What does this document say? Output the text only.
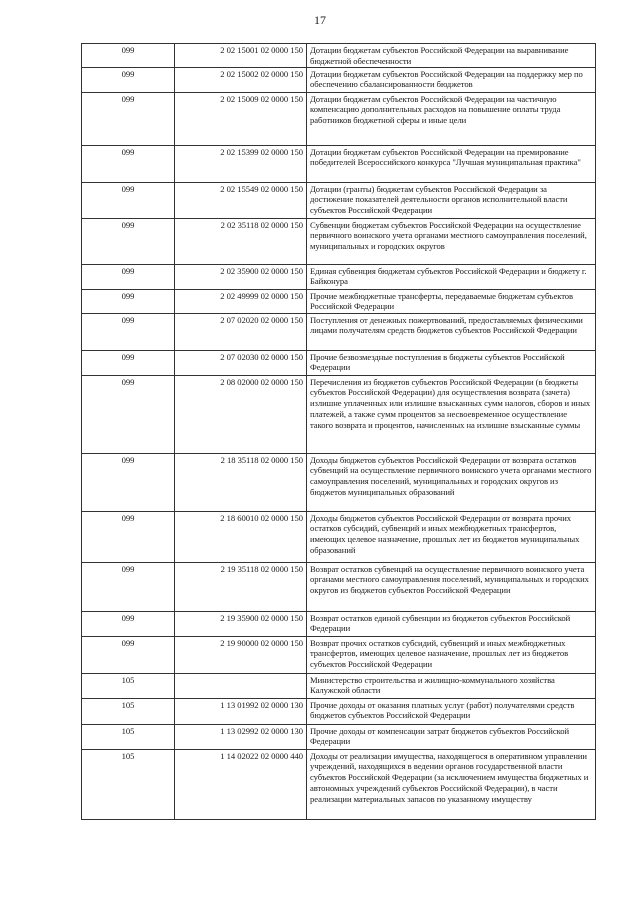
17
099	2 02 15001 02 0000 150	Дотации бюджетам субъектов Российской Федерации на выравнивание бюджетной обеспеченности
099	2 02 15002 02 0000 150	Дотации бюджетам субъектов Российской Федерации на поддержку мер по обеспечению сбалансированности бюджетов
099	2 02 15009 02 0000 150	Дотации бюджетам субъектов Российской Федерации на частичную компенсацию дополнительных расходов на повышение оплаты труда работников бюджетной сферы и иные цели
099	2 02 15399 02 0000 150	Дотации бюджетам субъектов Российской Федерации на премирование победителей Всероссийского конкурса "Лучшая муниципальная практика"
099	2 02 15549 02 0000 150	Дотации (гранты) бюджетам субъектов Российской Федерации за достижение показателей деятельности органов исполнительной власти субъектов Российской Федерации
099	2 02 35118 02 0000 150	Субвенции бюджетам субъектов Российской Федерации на осуществление первичного воинского учета органами местного самоуправления поселений, муниципальных и городских округов
099	2 02 35900 02 0000 150	Единая субвенция бюджетам субъектов Российской Федерации и бюджету г. Байконура
099	2 02 49999 02 0000 150	Прочие межбюджетные трансферты, передаваемые бюджетам субъектов Российской Федерации
099	2 07 02020 02 0000 150	Поступления от денежных пожертвований, предоставляемых физическими лицами получателям средств бюджетов субъектов Российской Федерации
099	2 07 02030 02 0000 150	Прочие безвозмездные поступления в бюджеты субъектов Российской Федерации
099	2 08 02000 02 0000 150	Перечисления из бюджетов субъектов Российской Федерации (в бюджеты субъектов Российской Федерации) для осуществления возврата (зачета) излишне уплаченных или излишне взысканных сумм налогов, сборов и иных платежей, а также сумм процентов за несвоевременное осуществление такого возврата и процентов, начисленных на излишне взысканные суммы
099	2 18 35118 02 0000 150	Доходы бюджетов субъектов Российской Федерации от возврата остатков субвенций на осуществление первичного воинского учета органами местного самоуправления поселений, муниципальных и городских округов из бюджетов муниципальных образований
099	2 18 60010 02 0000 150	Доходы бюджетов субъектов Российской Федерации от возврата прочих остатков субсидий, субвенций и иных межбюджетных трансфертов, имеющих целевое назначение, прошлых лет из бюджетов муниципальных образований
099	2 19 35118 02 0000 150	Возврат остатков субвенций на осуществление первичного воинского учета органами местного самоуправления поселений, муниципальных и городских округов из бюджетов субъектов Российской Федерации
099	2 19 35900 02 0000 150	Возврат остатков единой субвенции из бюджетов субъектов Российской Федерации
099	2 19 90000 02 0000 150	Возврат прочих остатков субсидий, субвенций и иных межбюджетных трансфертов, имеющих целевое назначение, прошлых лет из бюджетов субъектов Российской Федерации
105		Министерство строительства и жилищно-коммунального хозяйства Калужской области
105	1 13 01992 02 0000 130	Прочие доходы от оказания платных услуг (работ) получателями средств бюджетов субъектов Российской Федерации
105	1 13 02992 02 0000 130	Прочие доходы от компенсации затрат бюджетов субъектов Российской Федерации
105	1 14 02022 02 0000 440	Доходы от реализации имущества, находящегося в оперативном управлении учреждений, находящихся в ведении органов государственной власти субъектов Российской Федерации (за исключением имущества бюджетных и автономных учреждений субъектов Российской Федерации), в части реализации материальных запасов по указанному имуществу
